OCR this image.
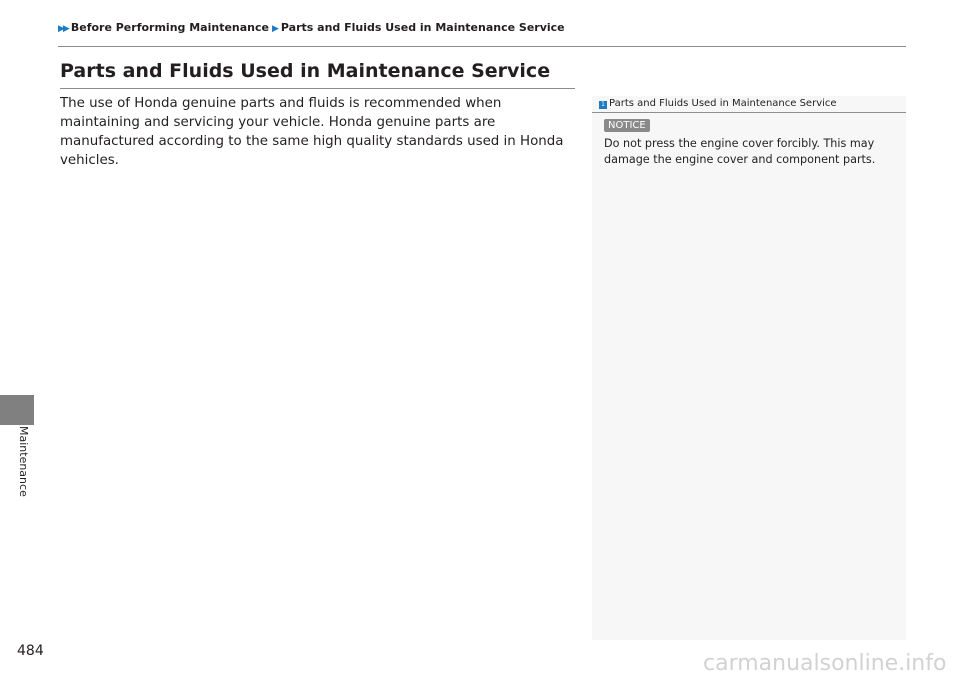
▶▶ Before Performing Maintenance ▶ Parts and Fluids Used in Maintenance Service
Parts and Fluids Used in Maintenance Service

The use of Honda genuine parts and fluids is recommended when maintaining and servicing your vehicle. Honda genuine parts are manufactured according to the same high quality standards used in Honda vehicles.

1 Parts and Fluids Used in Maintenance Service
NOTICE

Do not press the engine cover forcibly. This may damage the engine cover and component parts.

Maintenance
484	carmanualsonline.info
